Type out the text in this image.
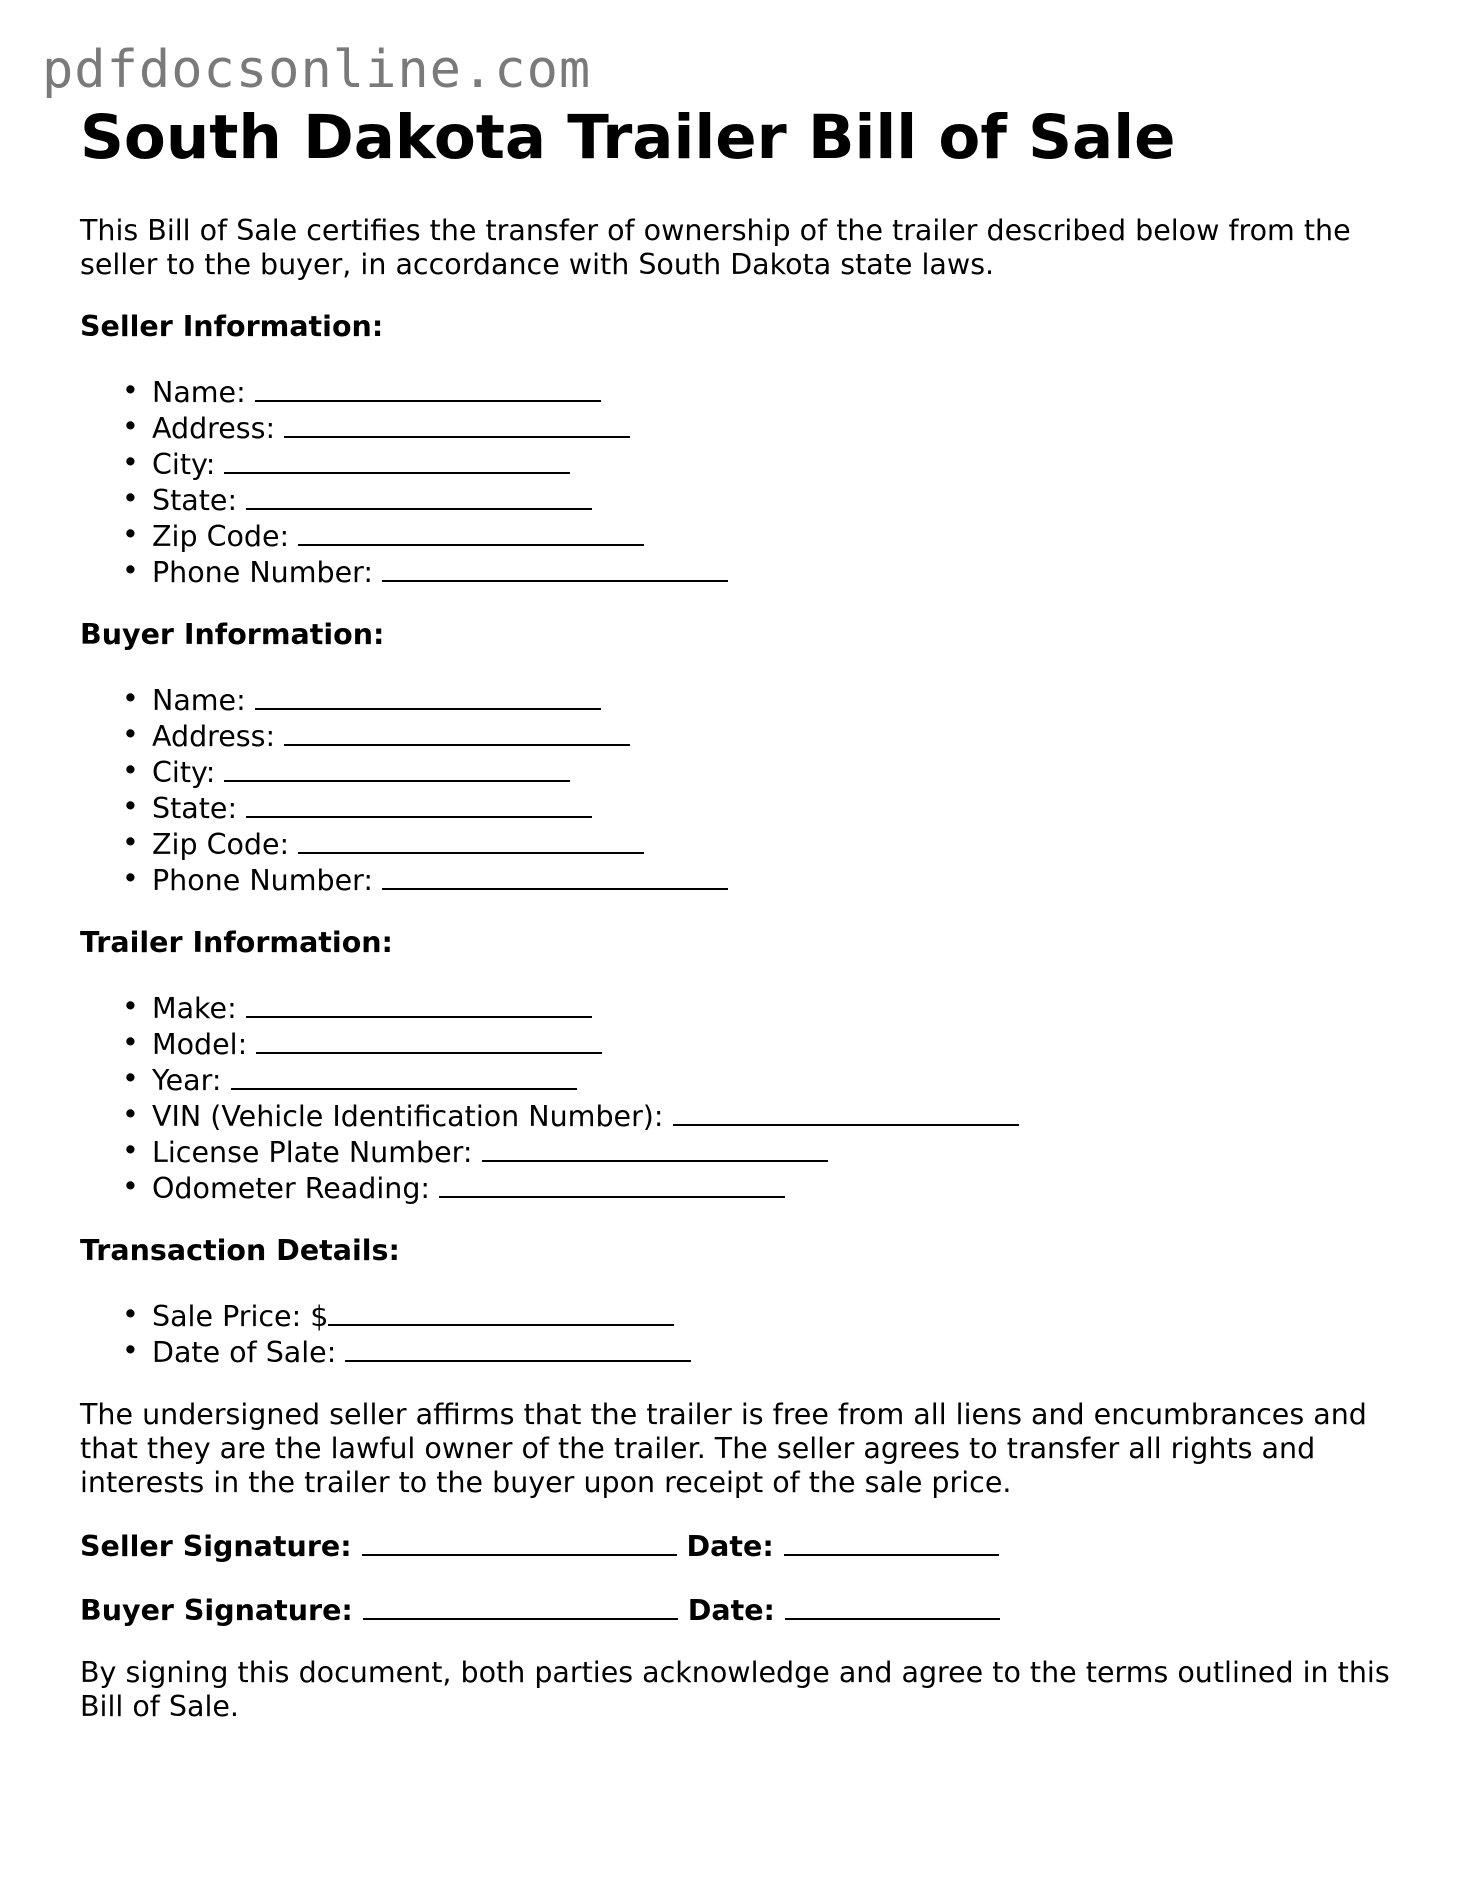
pdfdocsonline.com
South Dakota Trailer Bill of Sale

This Bill of Sale certifies the transfer of ownership of the trailer described below from the seller to the buyer, in accordance with South Dakota state laws.

Seller Information:
• Name:
• Address:
• City:
• State:
• Zip Code:
• Phone Number:
Buyer Information:
• Name:
• Address:
• City:
• State:
• Zip Code:
• Phone Number:
Trailer Information:
• Make:
• Model:
• Year:
• VIN (Vehicle Identification Number):
• License Plate Number:
• Odometer Reading:
Transaction Details:
• Sale Price: $
• Date of Sale:

The undersigned seller affirms that the trailer is free from all liens and encumbrances and that they are the lawful owner of the trailer. The seller agrees to transfer all rights and interests in the trailer to the buyer upon receipt of the sale price.

Seller Signature:	Date:
Buyer Signature:	Date:

By signing this document, both parties acknowledge and agree to the terms outlined in this Bill of Sale.
